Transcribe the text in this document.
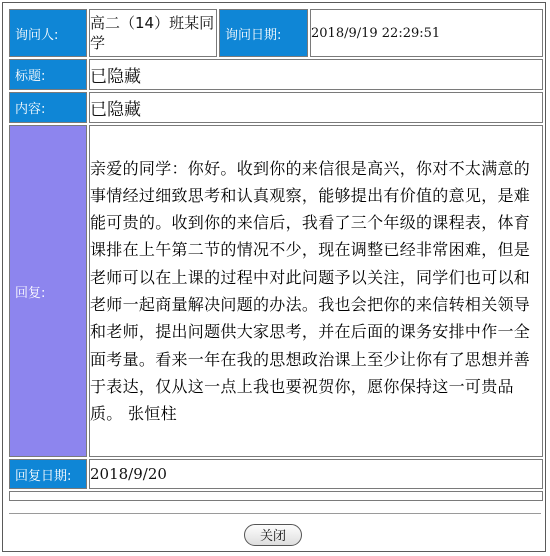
询问人:	高二（14）班某同学	询问日期:	2018/9/19 22:29:51
标题:	已隐藏		
内容:	已隐藏		
回复:	亲爱的同学：你好。收到你的来信很是高兴，你对不太满意的事情经过细致思考和认真观察，能够提出有价值的意见，是难能可贵的。收到你的来信后，我看了三个年级的课程表，体育课排在上午第二节的情况不少，现在调整已经非常困难，但是老师可以在上课的过程中对此问题予以关注，同学们也可以和老师一起商量解决问题的办法。我也会把你的来信转相关领导和老师，提出问题供大家思考，并在后面的课务安排中作一全面考量。看来一年在我的思想政治课上至少让你有了思想并善于表达，仅从这一点上我也要祝贺你，愿你保持这一可贵品质。 张恒柱		
回复日期:	2018/9/20		

关闭
